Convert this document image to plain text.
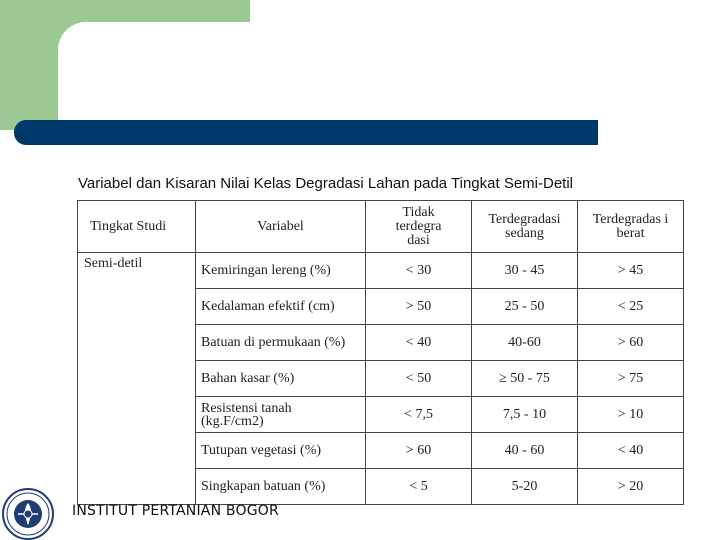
Variabel dan Kisaran Nilai Kelas Degradasi Lahan pada Tingkat Semi-Detil
Tingkat Studi	Variabel	Tidak terdegra dasi	Terdegradasi sedang	Terdegradas i berat

Semi-detil	Kemiringan lereng (%)	< 30	30 - 45	> 45
	Kedalaman efektif (cm)	> 50	25 - 50	< 25

	Batuan di permukaan (%)	< 40	40-60	> 60
	Bahan kasar (%)	< 50	≥ 50 - 75	> 75

	Resistensi tanah (kg.F/cm2)	< 7,5	7,5 - 10	> 10
	Tutupan vegetasi (%)	> 60	40 - 60	< 40
	Singkapan batuan (%)	< 5	5-20	> 20
INSTITUT PERTANIAN BOGOR
